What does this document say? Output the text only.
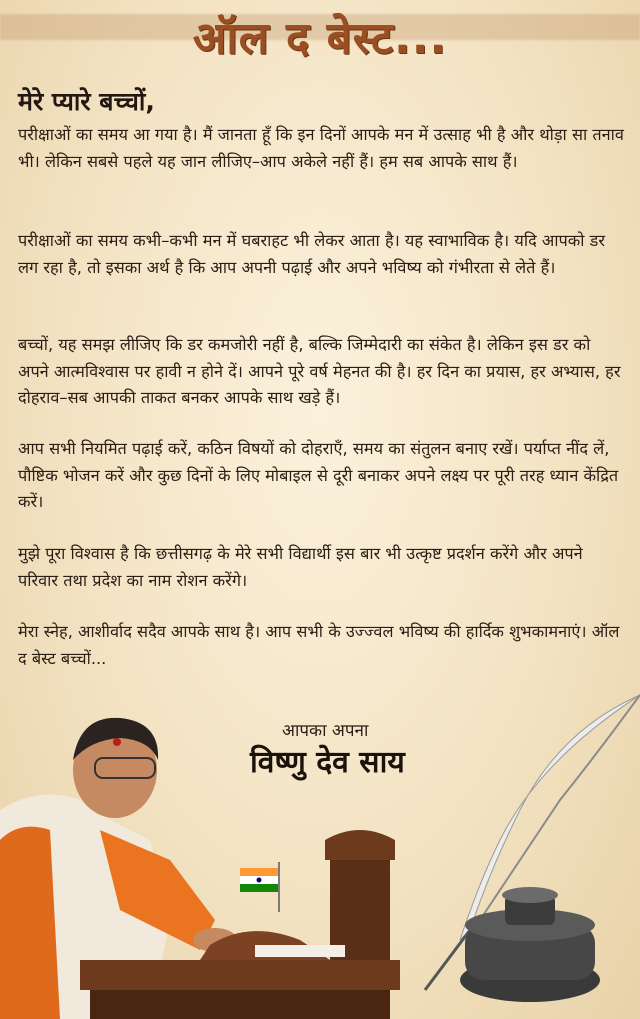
ऑल द बेस्ट...
मेरे प्यारे बच्चों,

परीक्षाओं का समय आ गया है। मैं जानता हूँ कि इन दिनों आपके मन में उत्साह भी है और थोड़ा सा तनाव भी। लेकिन सबसे पहले यह जान लीजिए–आप अकेले नहीं हैं। हम सब आपके साथ हैं।

परीक्षाओं का समय कभी–कभी मन में घबराहट भी लेकर आता है। यह स्वाभाविक है। यदि आपको डर लग रहा है, तो इसका अर्थ है कि आप अपनी पढ़ाई और अपने भविष्य को गंभीरता से लेते हैं।

बच्चों, यह समझ लीजिए कि डर कमजोरी नहीं है, बल्कि जिम्मेदारी का संकेत है। लेकिन इस डर को अपने आत्मविश्वास पर हावी न होने दें। आपने पूरे वर्ष मेहनत की है। हर दिन का प्रयास, हर अभ्यास, हर दोहराव–सब आपकी ताकत बनकर आपके साथ खड़े हैं।

आप सभी नियमित पढ़ाई करें, कठिन विषयों को दोहराएँ, समय का संतुलन बनाए रखें। पर्याप्त नींद लें, पौष्टिक भोजन करें और कुछ दिनों के लिए मोबाइल से दूरी बनाकर अपने लक्ष्य पर पूरी तरह ध्यान केंद्रित करें।

मुझे पूरा विश्वास है कि छत्तीसगढ़ के मेरे सभी विद्यार्थी इस बार भी उत्कृष्ट प्रदर्शन करेंगे और अपने परिवार तथा प्रदेश का नाम रोशन करेंगे।

मेरा स्नेह, आशीर्वाद सदैव आपके साथ है। आप सभी के उज्ज्वल भविष्य की हार्दिक शुभकामनाएं। ऑल द बेस्ट बच्चों...

आपका अपना
विष्णु देव साय
